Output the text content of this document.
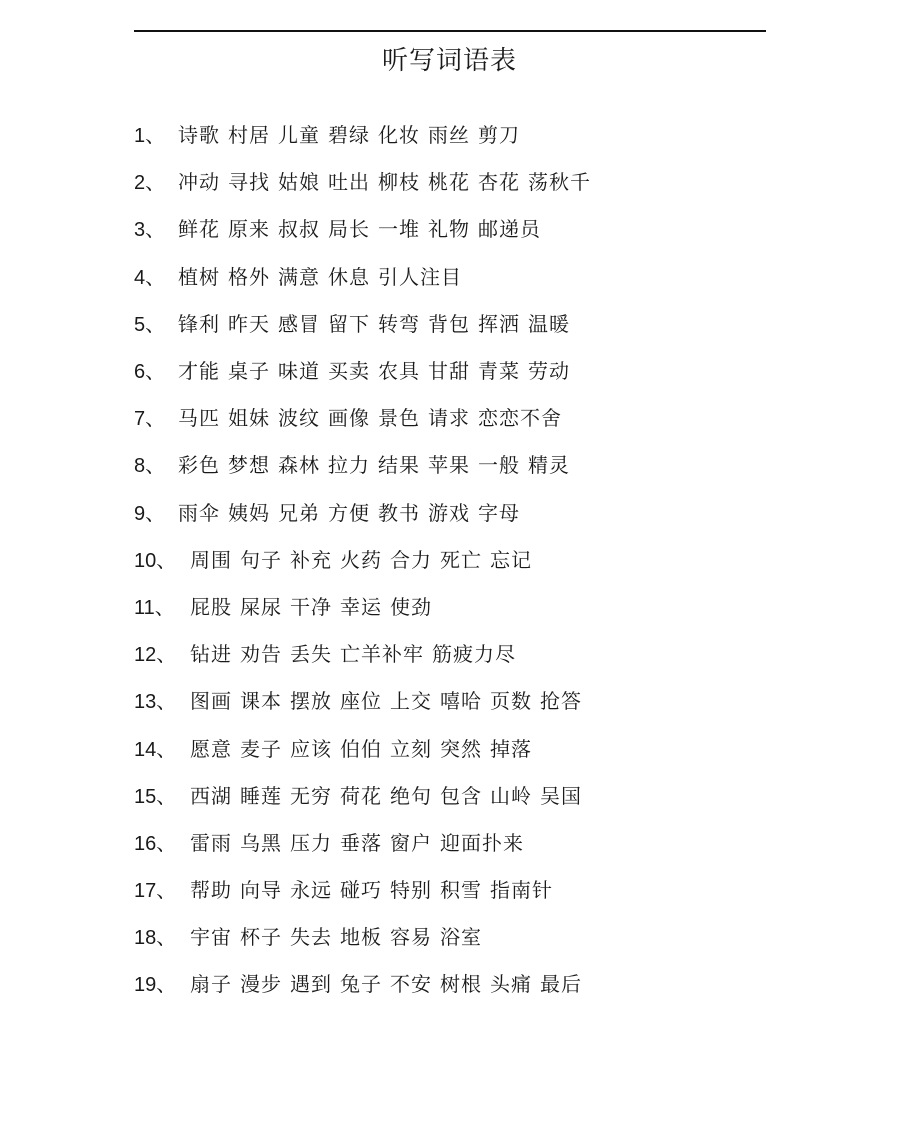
听写词语表
1、 诗歌 村居 儿童 碧绿 化妆 雨丝 剪刀
2、 冲动 寻找 姑娘 吐出 柳枝 桃花 杏花 荡秋千
3、 鲜花 原来 叔叔 局长 一堆 礼物 邮递员
4、 植树 格外 满意 休息 引人注目
5、 锋利 昨天 感冒 留下 转弯 背包 挥洒 温暖
6、 才能 桌子 味道 买卖 农具 甘甜 青菜 劳动
7、 马匹 姐妹 波纹 画像 景色 请求 恋恋不舍
8、 彩色 梦想 森林 拉力 结果 苹果 一般 精灵
9、 雨伞 姨妈 兄弟 方便 教书 游戏 字母
10、 周围 句子 补充 火药 合力 死亡 忘记
11、 屁股 屎尿 干净 幸运 使劲
12、 钻进 劝告 丢失 亡羊补牢 筋疲力尽
13、 图画 课本 摆放 座位 上交 嘻哈 页数 抢答
14、 愿意 麦子 应该 伯伯 立刻 突然 掉落
15、 西湖 睡莲 无穷 荷花 绝句 包含 山岭 吴国
16、 雷雨 乌黑 压力 垂落 窗户 迎面扑来
17、 帮助 向导 永远 碰巧 特别 积雪 指南针
18、 宇宙 杯子 失去 地板 容易 浴室
19、 扇子 漫步 遇到 兔子 不安 树根 头痛 最后
